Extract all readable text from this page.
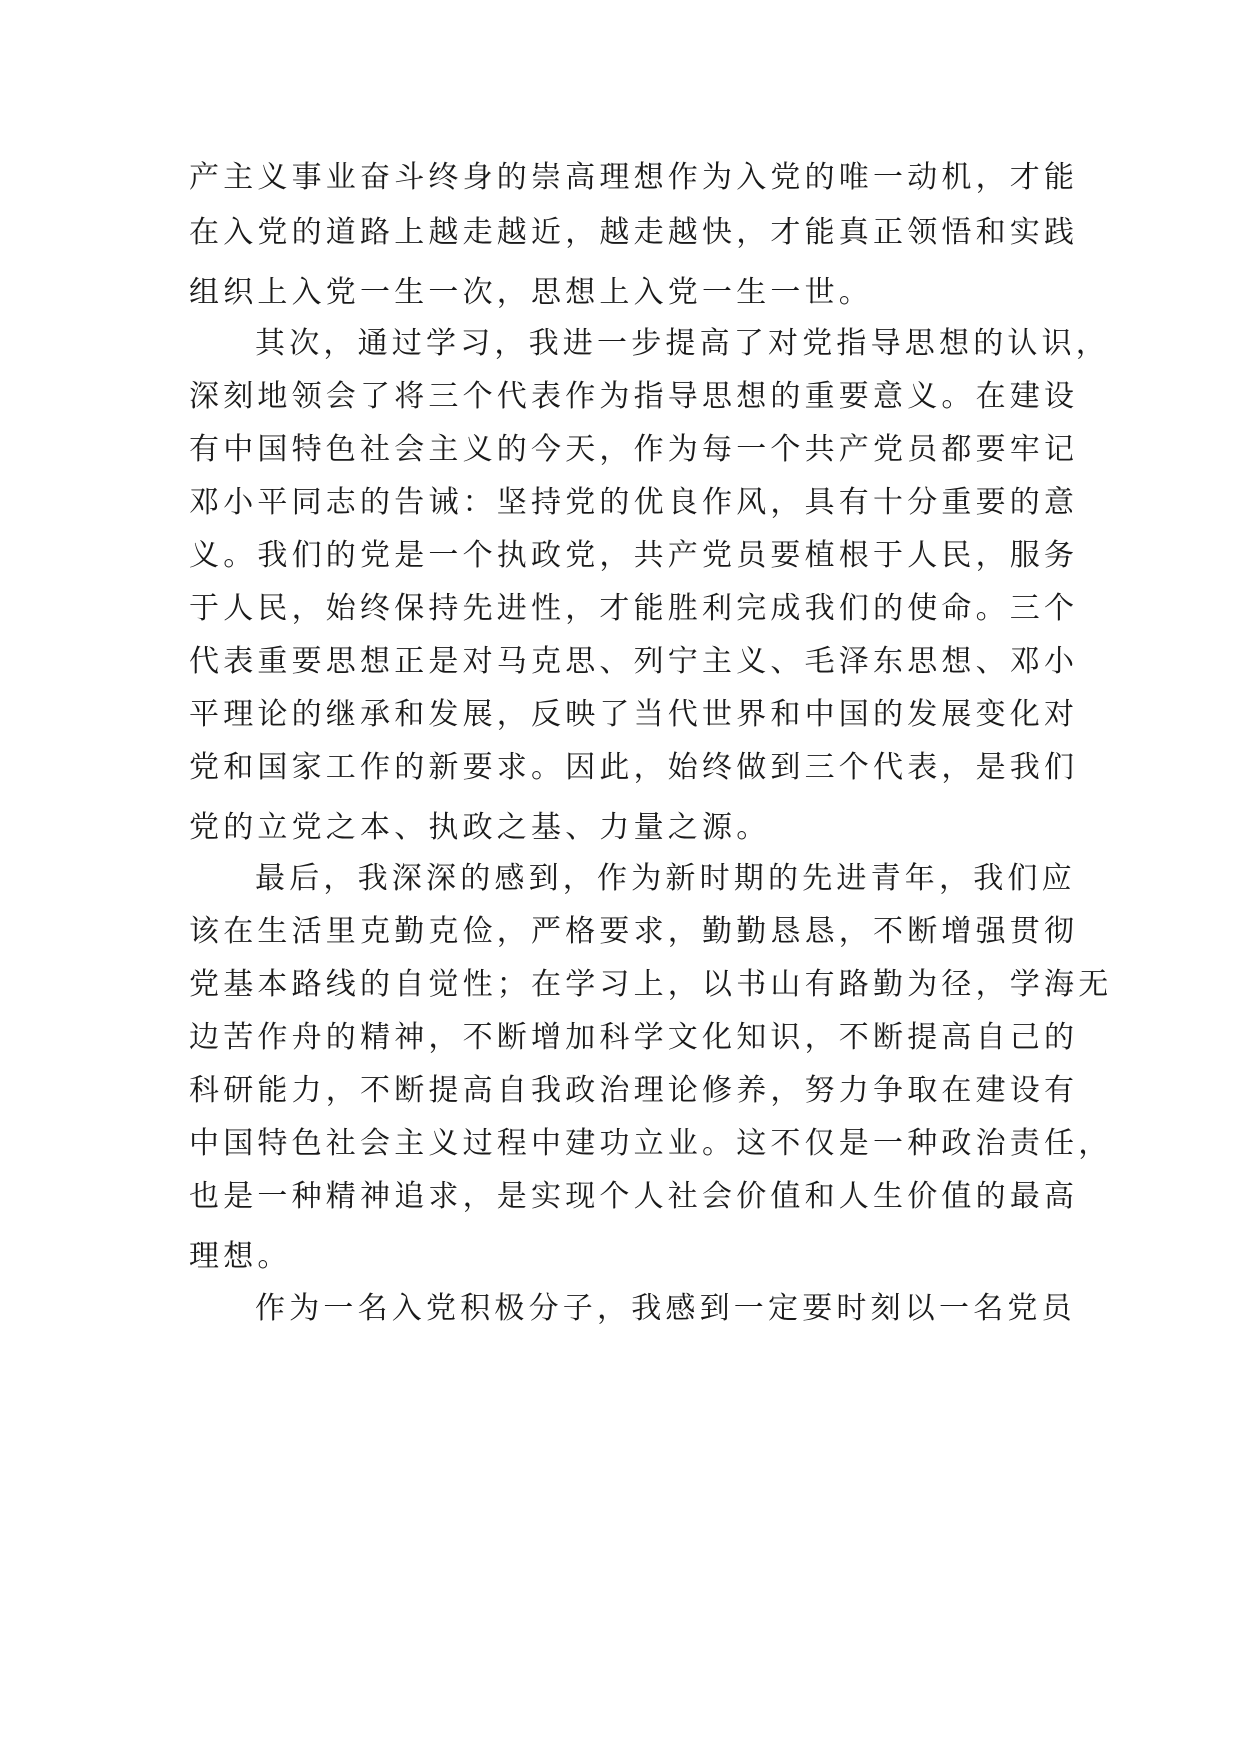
产主义事业奋斗终身的崇高理想作为入党的唯一动机，才能
在入党的道路上越走越近，越走越快，才能真正领悟和实践
组织上入党一生一次，思想上入党一生一世。
其次，通过学习，我进一步提高了对党指导思想的认识，
深刻地领会了将三个代表作为指导思想的重要意义。在建设
有中国特色社会主义的今天，作为每一个共产党员都要牢记
邓小平同志的告诫：坚持党的优良作风，具有十分重要的意
义。我们的党是一个执政党，共产党员要植根于人民，服务
于人民，始终保持先进性，才能胜利完成我们的使命。三个
代表重要思想正是对马克思、列宁主义、毛泽东思想、邓小
平理论的继承和发展，反映了当代世界和中国的发展变化对
党和国家工作的新要求。因此，始终做到三个代表，是我们
党的立党之本、执政之基、力量之源。
最后，我深深的感到，作为新时期的先进青年，我们应
该在生活里克勤克俭，严格要求，勤勤恳恳，不断增强贯彻
党基本路线的自觉性；在学习上，以书山有路勤为径，学海无
边苦作舟的精神，不断增加科学文化知识，不断提高自己的
科研能力，不断提高自我政治理论修养，努力争取在建设有
中国特色社会主义过程中建功立业。这不仅是一种政治责任，
也是一种精神追求，是实现个人社会价值和人生价值的最高
理想。
作为一名入党积极分子，我感到一定要时刻以一名党员
